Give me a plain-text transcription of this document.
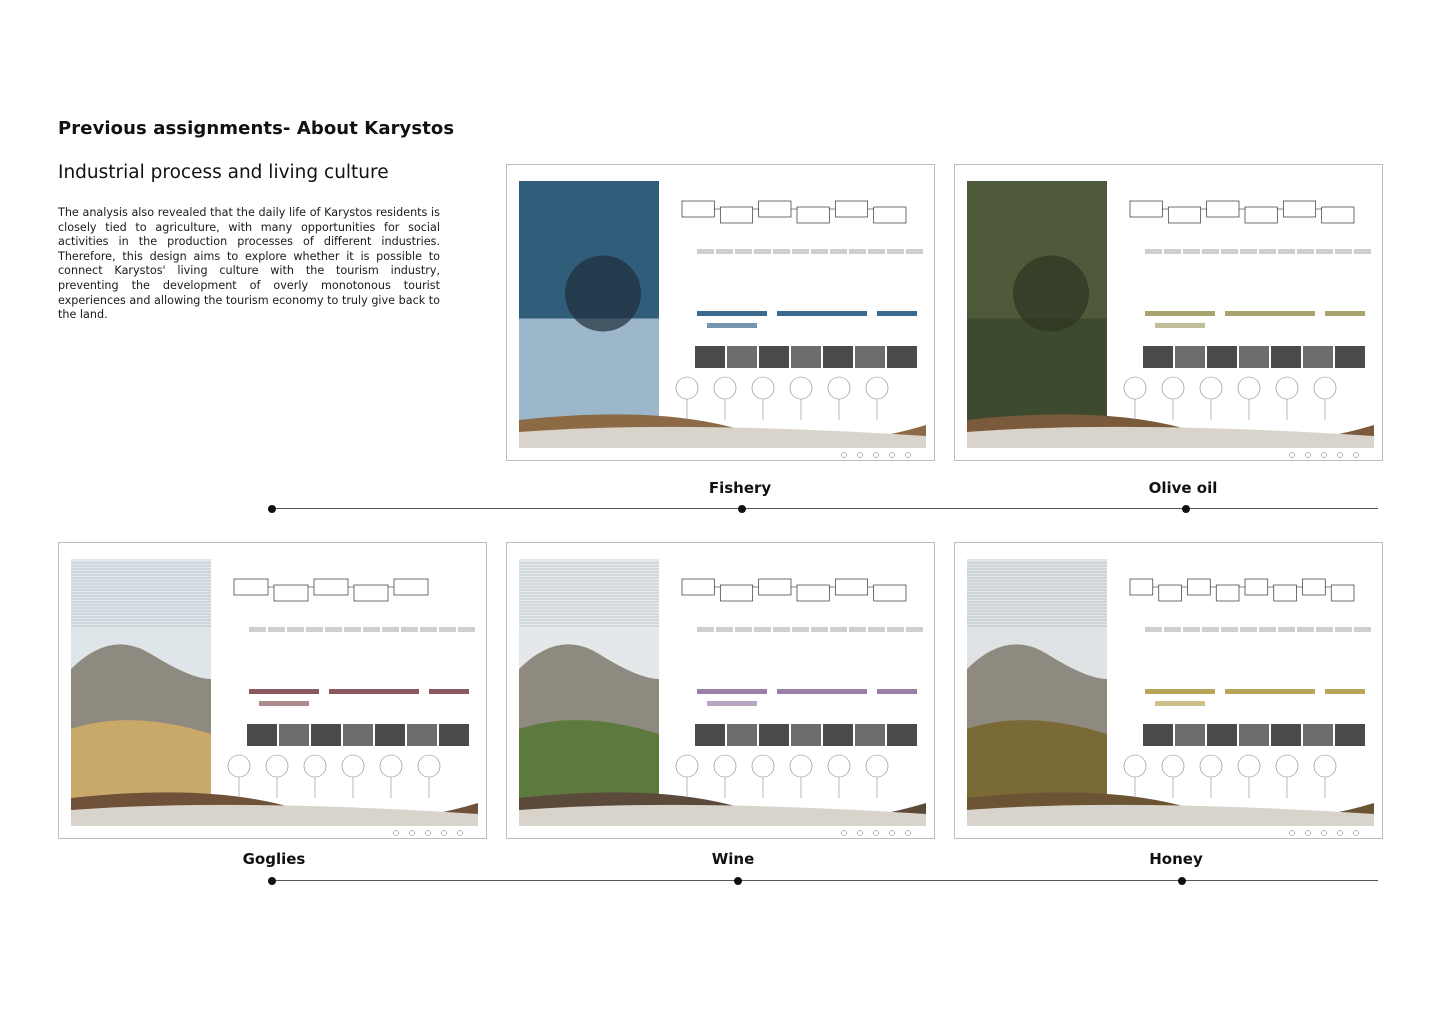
Previous assignments- About Karystos
Industrial process and living culture
The analysis also revealed that the daily life of Karystos residents is closely tied to agriculture, with many opportunities for social activities in the production processes of different industries. Therefore, this design aims to explore whether it is possible to connect Karystos' living culture with the tourism industry, preventing the development of overly monotonous tourist experiences and allowing the tourism economy to truly give back to the land.
Fishery	Olive oil
Goglies	Wine	Honey
